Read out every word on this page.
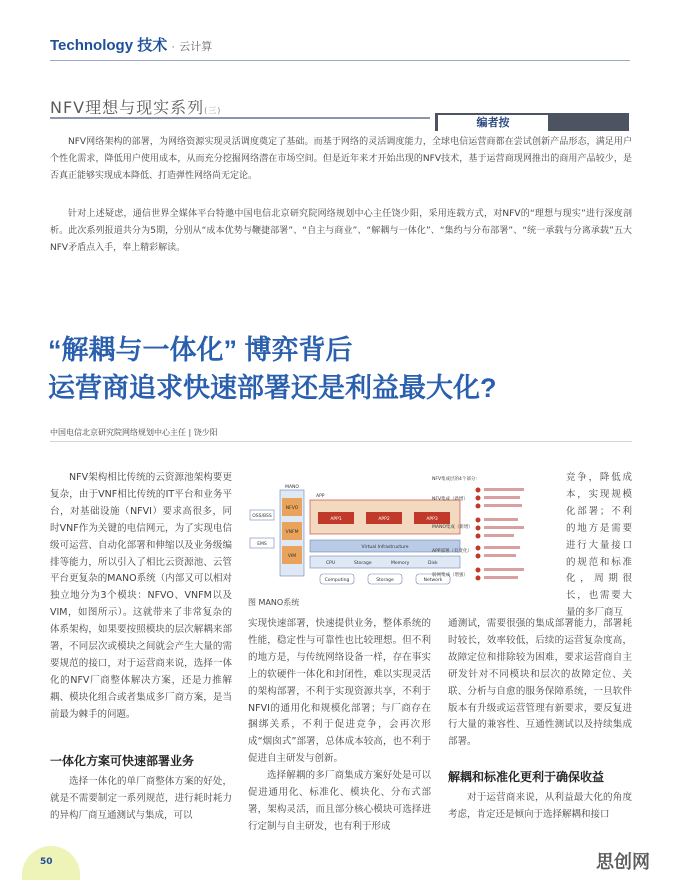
Technology 技术 · 云计算
NFV理想与现实系列(三)
编者按
NFV网络架构的部署，为网络资源实现灵活调度奠定了基础。而基于网络的灵活调度能力，全球电信运营商都在尝试创新产品形态，满足用户个性化需求，降低用户使用成本，从而充分挖掘网络潜在市场空间。但是近年来才开始出现的NFV技术，基于运营商现网推出的商用产品较少，是否真正能够实现成本降低、打造弹性网络尚无定论。
针对上述疑虑，通信世界全媒体平台特邀中国电信北京研究院网络规划中心主任饶少阳，采用连载方式，对NFV的“理想与现实”进行深度剖析。此次系列报道共分为5期，分别从“成本优势与鞭捷部署”、“自主与商业”、“解耦与一体化”、“集约与分布部署”、“统一承载与分离承载”五大NFV矛盾点入手，奉上精彩解读。
“解耦与一体化” 博弈背后
运营商追求快速部署还是利益最大化?
中国电信北京研究院网络规划中心主任 | 饶少阳

NFV架构相比传统的云资源池架构要更复杂，由于VNF相比传统的IT平台和业务平台，对基础设施（NFVI）要求高很多，同时VNF作为关键的电信网元，为了实现电信级可运营、自动化部署和伸缩以及业务级编排等能力，所以引入了相比云资源池、云管平台更复杂的MANO系统（内部又可以相对独立地分为3个模块：NFVO、VNFM以及VIM，如图所示）。这就带来了非常复杂的体系架构，如果要按照模块的层次解耦来部署，不同层次或模块之间就会产生大量的需要规范的接口，对于运营商来说，选择一体化的NFV厂商整体解决方案，还是力推解耦、模块化组合或者集成多厂商方案，是当前最为棘手的问题。

一体化方案可快速部署业务

选择一体化的单厂商整体方案的好处，就是不需要制定一系列规范，进行耗时耗力的异构厂商互通测试与集成，可以

OSS/BSS
EMS
MANO
NFVO
VNFM
VIM
APP
APP1	APP2	APP3
Virtual Infrastructure
CPU	Storage	Memory	Disk
Computing	Storage	Network
NFV集成层的4个部分：
NFV集成（新增）
MANO集成（新增）
APP部署（有变化）
弱网集成（增强）
图 MANO系统

实现快速部署，快速提供业务，整体系统的性能，稳定性与可靠性也比较理想。但不利的地方是，与传统网络设备一样，存在事实上的软硬件一体化和封闭性，难以实现灵活的架构部署，不利于实现资源共享，不利于NFVI的通用化和规模化部署；与厂商存在捆绑关系，不利于促进竞争，会再次形成“烟囱式”部署，总体成本较高，也不利于促进自主研发与创新。

选择解耦的多厂商集成方案好处是可以促进通用化、标准化、模块化、分布式部署，架构灵活，而且部分核心模块可选择进行定制与自主研发，也有利于形成

竞争，降低成本，实现规模化部署；不利的地方是需要进行大量接口的规范和标准化，周期很长，也需要大量的多厂商互

通测试，需要很强的集成部署能力，部署耗时较长，效率较低，后续的运营复杂度高，故障定位和排除较为困难，要求运营商自主研发针对不同模块和层次的故障定位、关联、分析与自愈的服务保障系统，一旦软件版本有升级或运营管理有新要求，要反复进行大量的兼容性、互通性测试以及持续集成部署。

解耦和标准化更利于确保收益

对于运营商来说，从利益最大化的角度考虑，肯定还是倾向于选择解耦和接口

50	思创网
